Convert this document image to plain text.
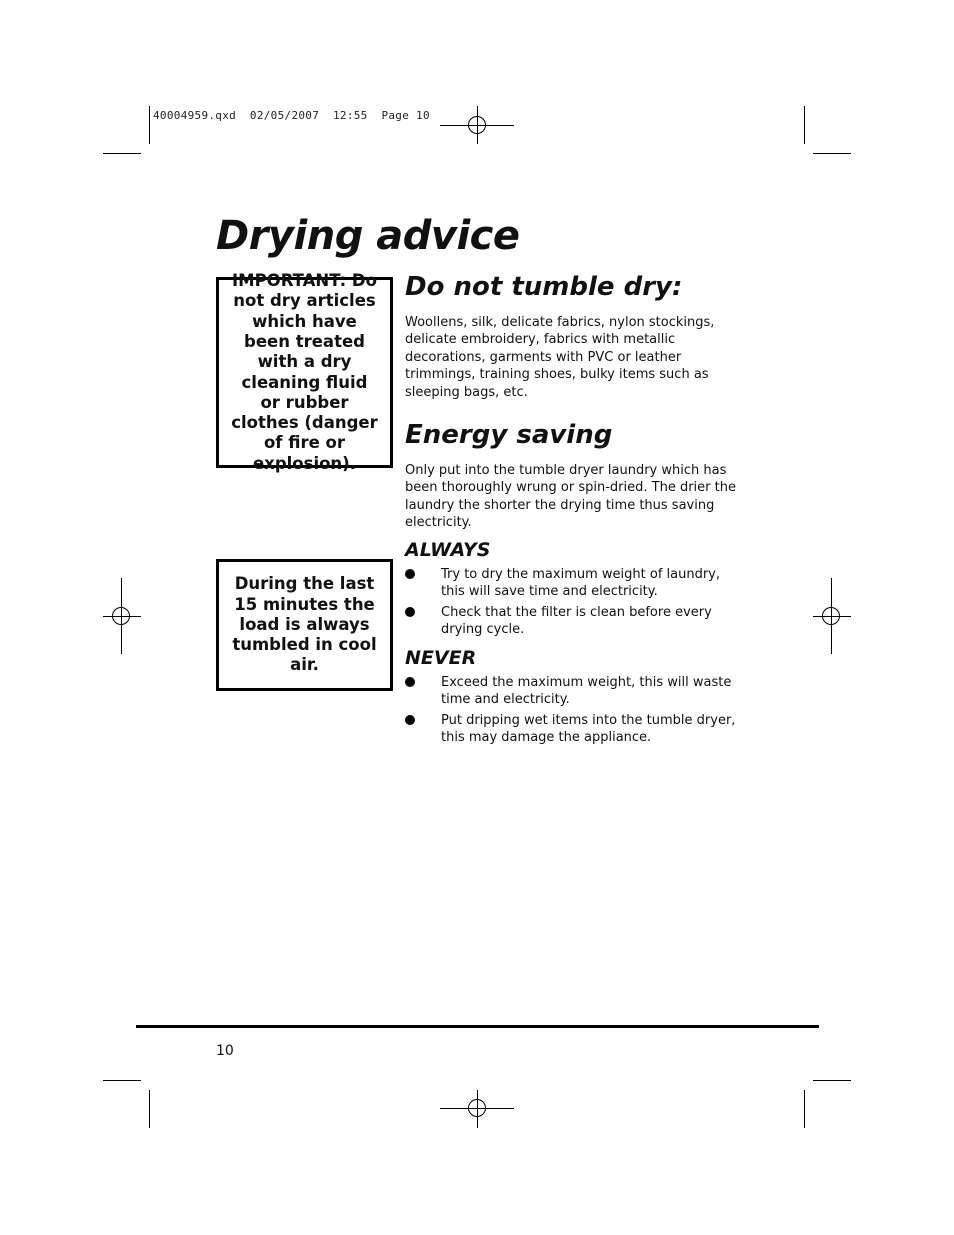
40004959.qxd  02/05/2007  12:55  Page 10
Drying advice
IMPORTANT: Do not dry articles which have been treated with a dry cleaning fluid or rubber clothes (danger of fire or explosion).
During the last 15 minutes the load is always tumbled in cool air.
Do not tumble dry:

Woollens, silk, delicate fabrics, nylon stockings, delicate embroidery, fabrics with metallic decorations, garments with PVC or leather trimmings, training shoes, bulky items such as sleeping bags, etc.

Energy saving

Only put into the tumble dryer laundry which has been thoroughly wrung or spin-dried. The drier the laundry the shorter the drying time thus saving electricity.

ALWAYS
Try to dry the maximum weight of laundry, this will save time and electricity.
Check that the filter is clean before every drying cycle.
NEVER
Exceed the maximum weight, this will waste time and electricity.
Put dripping wet items into the tumble dryer, this may damage the appliance.
10
